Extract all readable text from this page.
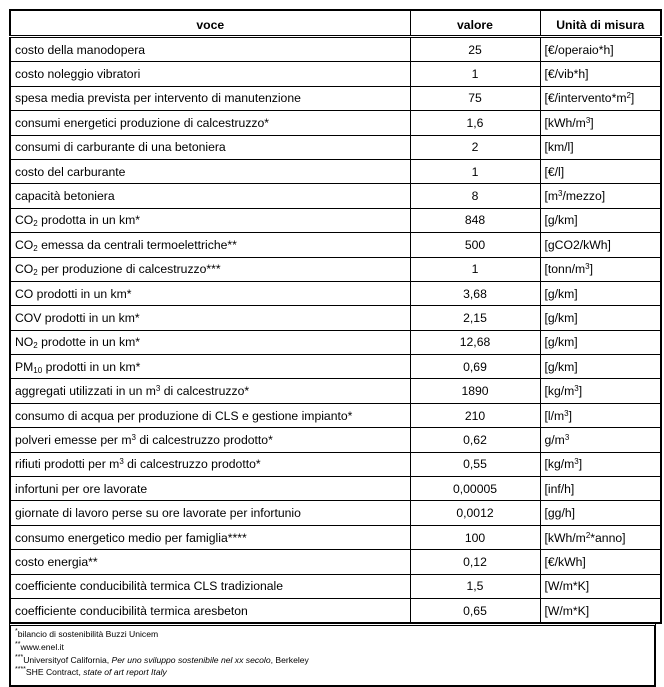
voce	valore	Unità di misura
costo della manodopera	25	[€/operaio*h]
costo noleggio vibratori	1	[€/vib*h]
spesa media prevista per intervento di manutenzione	75	$[€/intervento*m^2]$
consumi energetici produzione di calcestruzzo*	1,6	$[kWh/m^3]$
consumi di carburante di una betoniera	2	[km/l]
costo del carburante	1	[€/l]
capacità betoniera	8	$[m^3/mezzo]$
$CO_2$ prodotta in un km*	848	[g/km]
$CO_2$ emessa da centrali termoelettriche**	500	[gCO2/kWh]
$CO_2$ per produzione di calcestruzzo***	1	$[tonn/m^3]$
CO prodotti in un km*	3,68	[g/km]
COV prodotti in un km*	2,15	[g/km]
$NO_2$ prodotte in un km*	12,68	[g/km]
$PM_{10}$ prodotti in un km*	0,69	[g/km]
aggregati utilizzati in un $m^3$ di calcestruzzo*	1890	$[kg/m^3]$
consumo di acqua per produzione di CLS e gestione impianto*	210	$[l/m^3]$
polveri emesse per $m^3$ di calcestruzzo prodotto*	0,62	$g/m^3$
rifiuti prodotti per $m^3$ di calcestruzzo prodotto*	0,55	$[kg/m^3]$
infortuni per ore lavorate	0,00005	[inf/h]
giornate di lavoro perse su ore lavorate per infortunio	0,0012	[gg/h]
consumo energetico medio per famiglia****	100	$[kWh/m^2*anno]$
costo energia**	0,12	[€/kWh]
coefficiente conducibilità termica CLS tradizionale	1,5	[W/m*K]
coefficiente conducibilità termica aresbeton	0,65	[W/m*K]
*bilancio di sostenibilità Buzzi Unicem
**www.enel.it
***Universityof California, Per uno sviluppo sostenibile nel xx secolo, Berkeley
****SHE Contract, state of art report Italy
